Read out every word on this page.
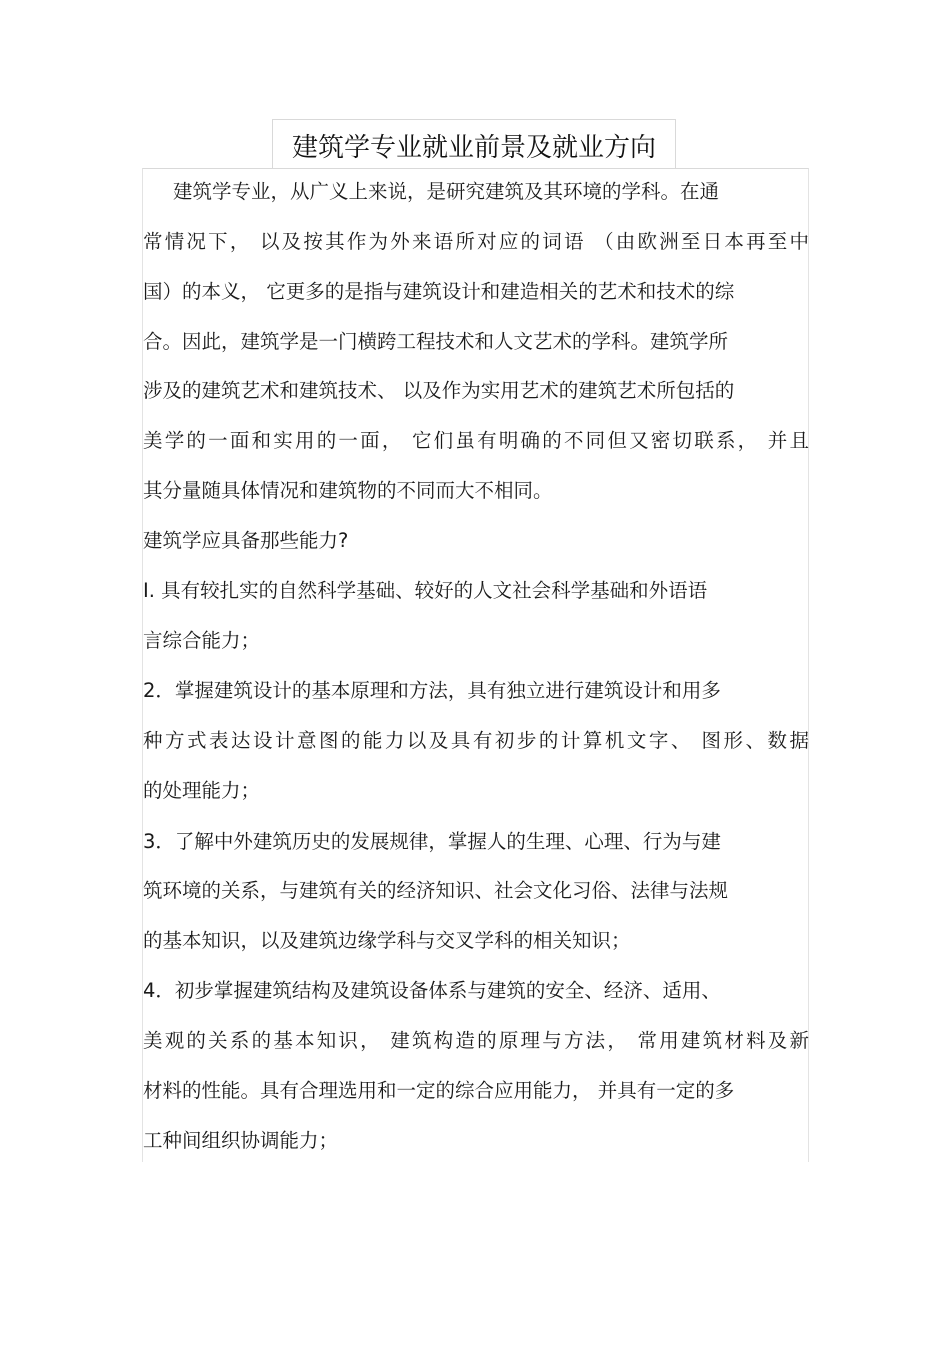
建筑学专业就业前景及就业方向
建筑学专业，从广义上来说，是研究建筑及其环境的学科。在通
常情况下， 以及按其作为外来语所对应的词语 （由欧洲至日本再至中
国）的本义， 它更多的是指与建筑设计和建造相关的艺术和技术的综
合。因此，建筑学是一门横跨工程技术和人文艺术的学科。建筑学所
涉及的建筑艺术和建筑技术、 以及作为实用艺术的建筑艺术所包括的
美学的一面和实用的一面， 它们虽有明确的不同但又密切联系， 并且
其分量随具体情况和建筑物的不同而大不相同。
建筑学应具备那些能力?
I. 具有较扎实的自然科学基础、较好的人文社会科学基础和外语语
言综合能力；
2．掌握建筑设计的基本原理和方法，具有独立进行建筑设计和用多
种方式表达设计意图的能力以及具有初步的计算机文字、 图形、数据
的处理能力；
3．了解中外建筑历史的发展规律，掌握人的生理、心理、行为与建
筑环境的关系，与建筑有关的经济知识、社会文化习俗、法律与法规
的基本知识，以及建筑边缘学科与交叉学科的相关知识；
4．初步掌握建筑结构及建筑设备体系与建筑的安全、经济、适用、
美观的关系的基本知识， 建筑构造的原理与方法， 常用建筑材料及新
材料的性能。具有合理选用和一定的综合应用能力， 并具有一定的多
工种间组织协调能力；
